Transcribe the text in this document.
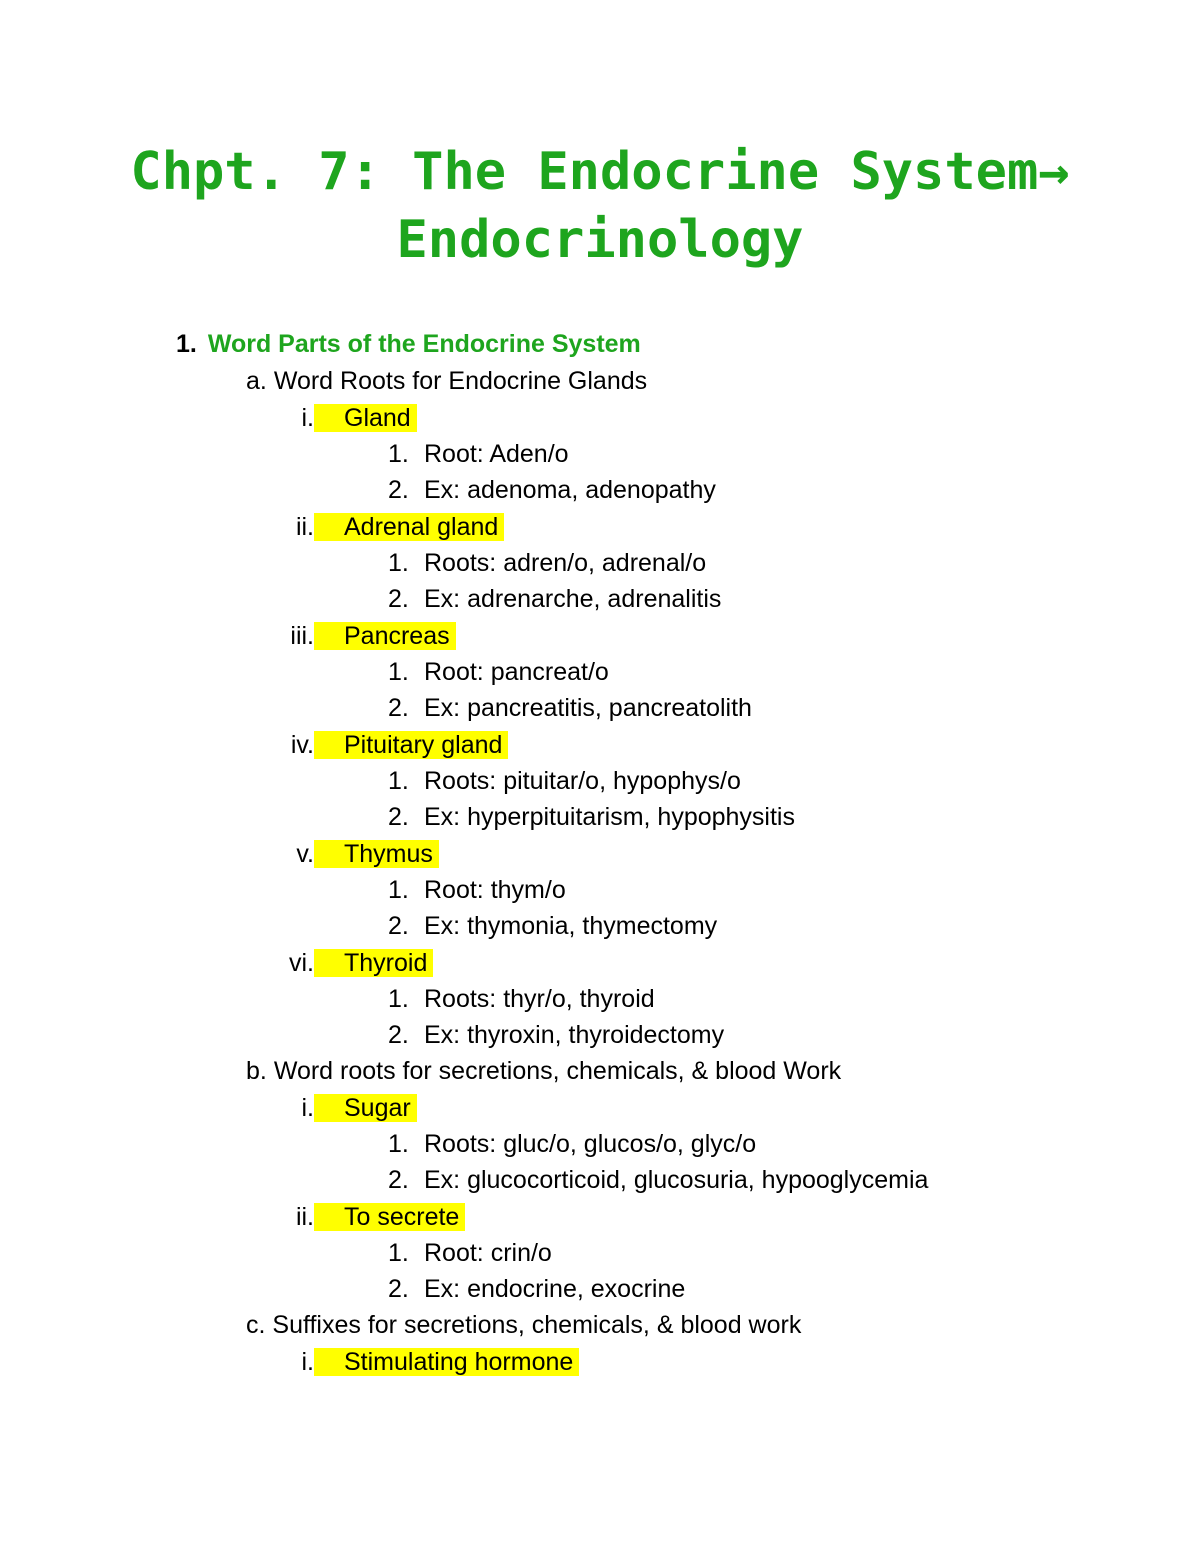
Chpt. 7: The Endocrine System→
Endocrinology
1. Word Parts of the Endocrine System
a. Word Roots for Endocrine Glands
i. Gland
1. Root: Aden/o
2. Ex: adenoma, adenopathy
ii. Adrenal gland
1. Roots: adren/o, adrenal/o
2. Ex: adrenarche, adrenalitis
iii. Pancreas
1. Root: pancreat/o
2. Ex: pancreatitis, pancreatolith
iv. Pituitary gland
1. Roots: pituitar/o, hypophys/o
2. Ex: hyperpituitarism, hypophysitis
v. Thymus
1. Root: thym/o
2. Ex: thymonia, thymectomy
vi. Thyroid
1. Roots: thyr/o, thyroid
2. Ex: thyroxin, thyroidectomy
b. Word roots for secretions, chemicals, & blood Work
i. Sugar
1. Roots: gluc/o, glucos/o, glyc/o
2. Ex: glucocorticoid, glucosuria, hypooglycemia
ii. To secrete
1. Root: crin/o
2. Ex: endocrine, exocrine
c. Suffixes for secretions, chemicals, & blood work
i. Stimulating hormone
